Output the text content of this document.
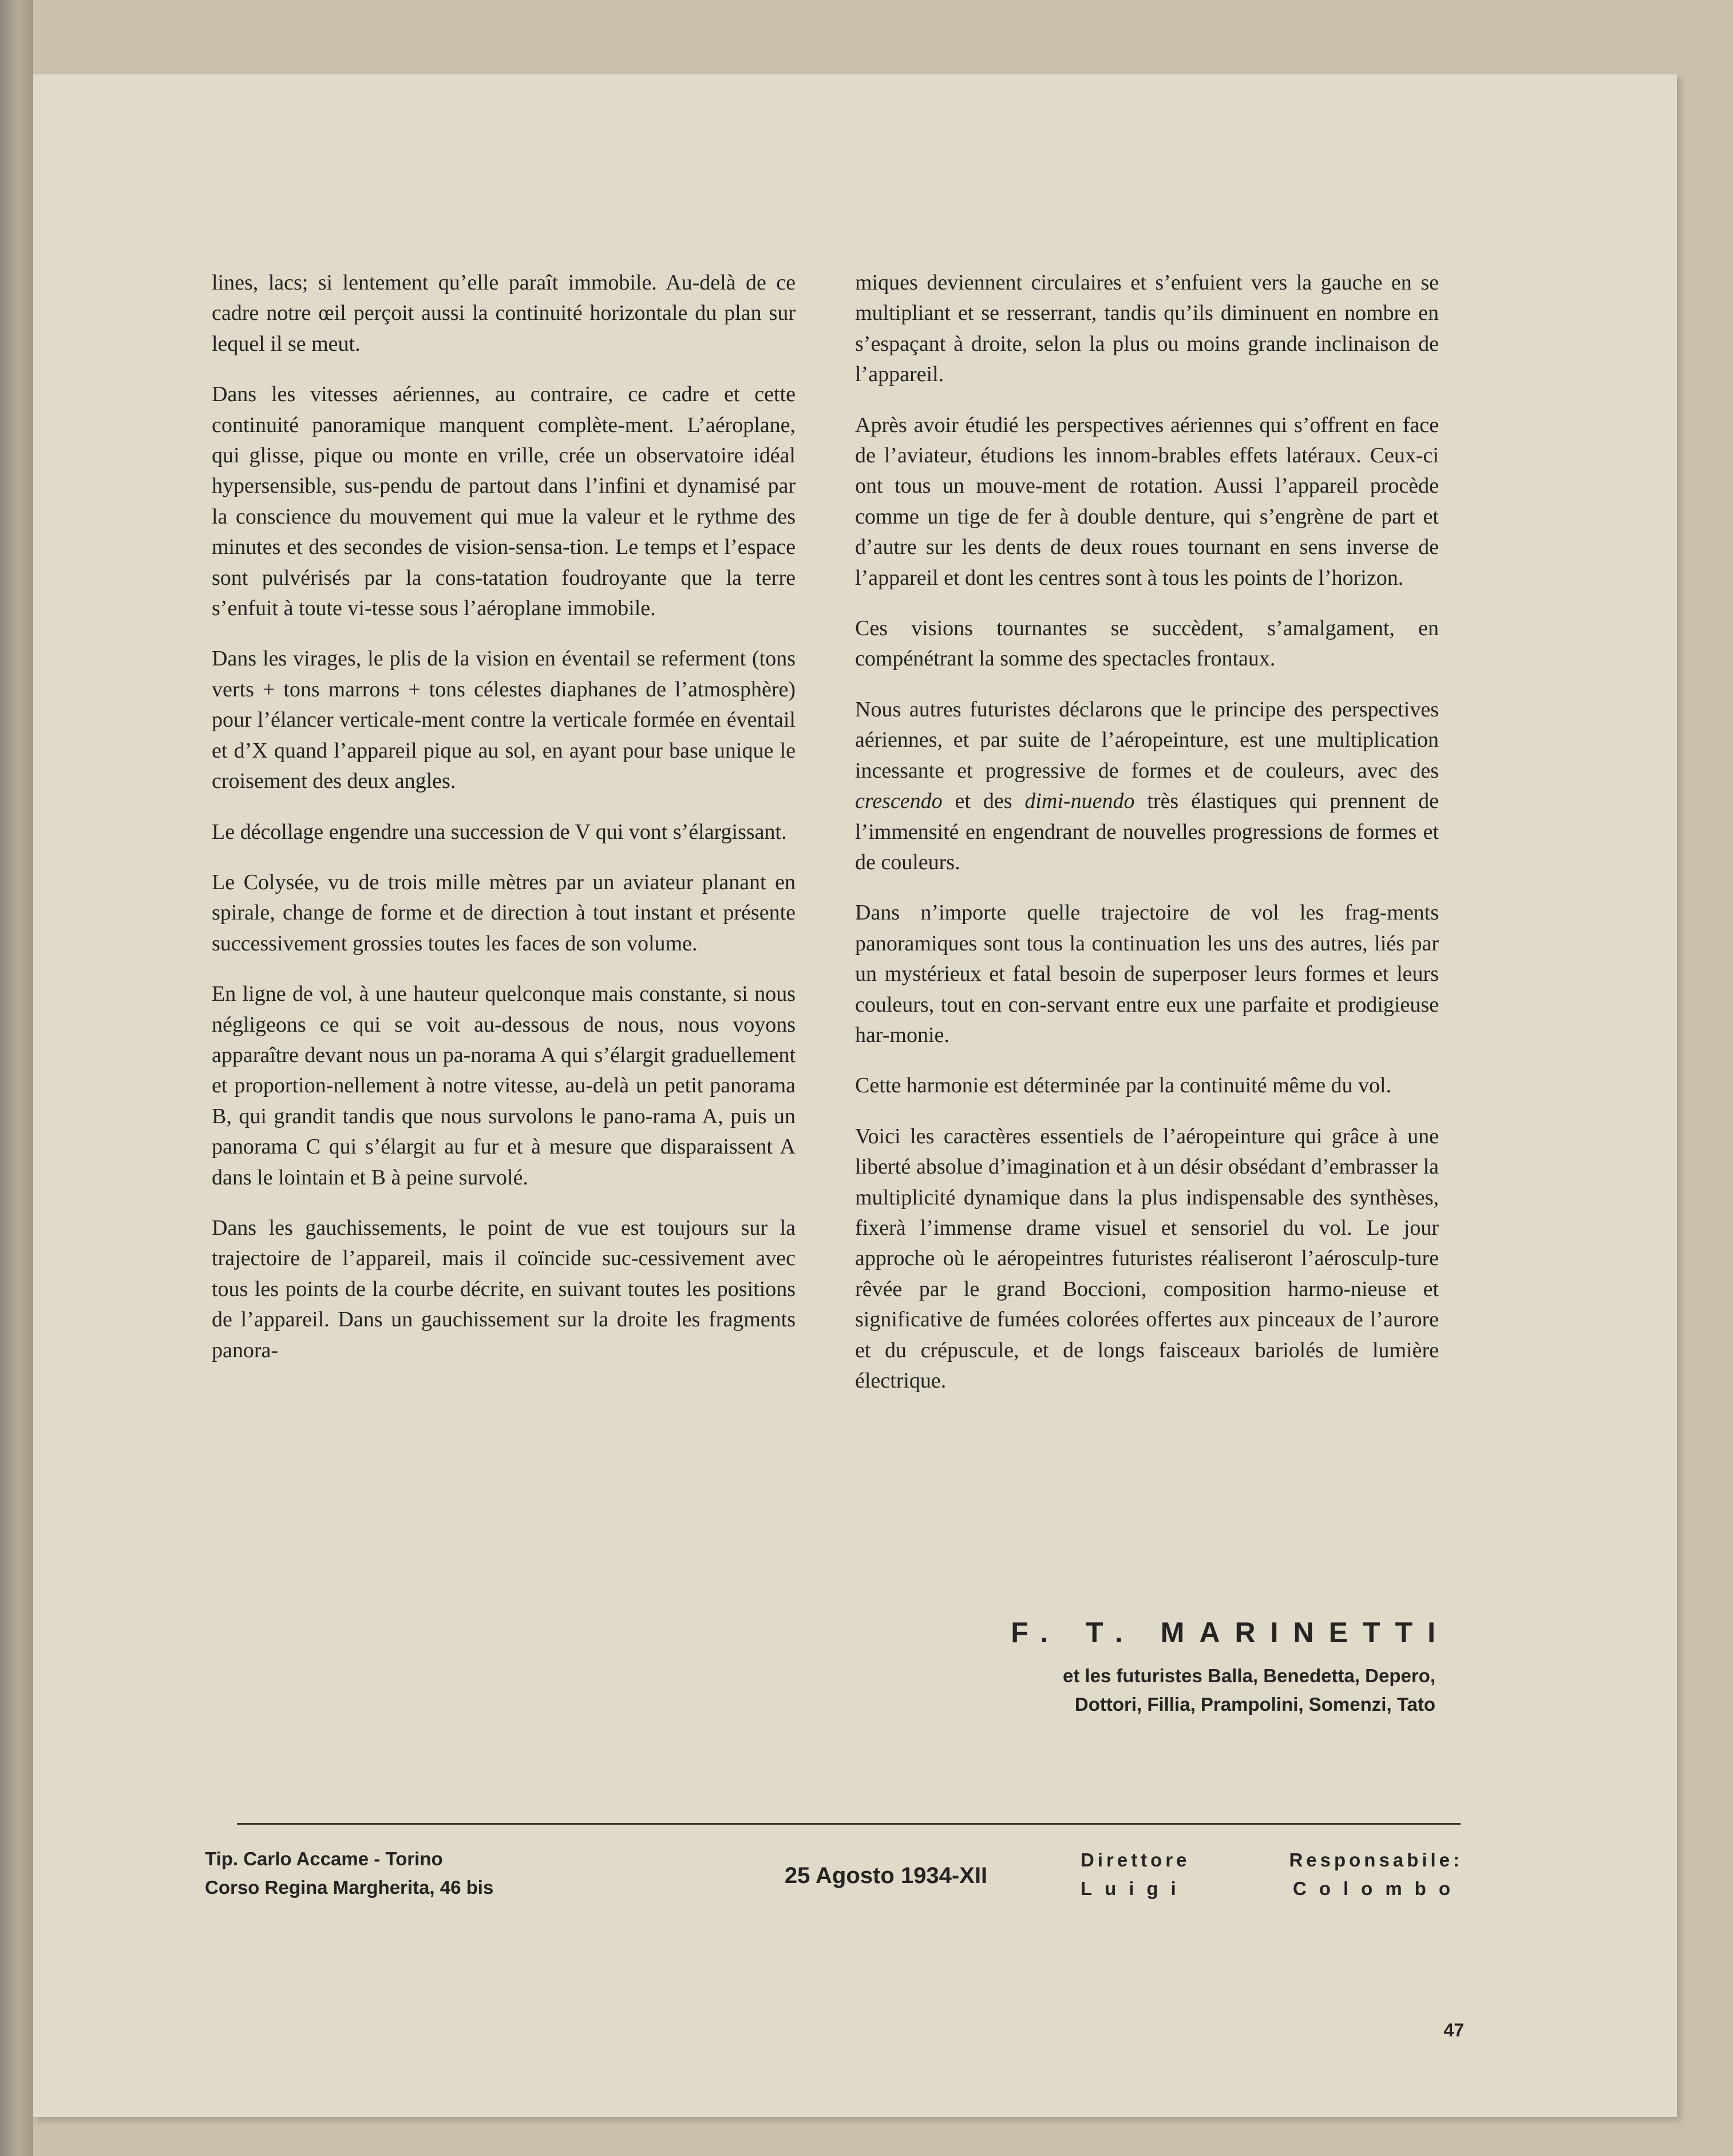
lines, lacs; si lentement qu’elle paraît immobile. Au-delà de ce cadre notre œil perçoit aussi la continuité horizontale du plan sur lequel il se meut.

Dans les vitesses aériennes, au contraire, ce cadre et cette continuité panoramique manquent complète-ment. L’aéroplane, qui glisse, pique ou monte en vrille, crée un observatoire idéal hypersensible, sus-pendu de partout dans l’infini et dynamisé par la conscience du mouvement qui mue la valeur et le rythme des minutes et des secondes de vision-sensa-tion. Le temps et l’espace sont pulvérisés par la cons-tatation foudroyante que la terre s’enfuit à toute vi-tesse sous l’aéroplane immobile.

Dans les virages, le plis de la vision en éventail se referment (tons verts + tons marrons + tons célestes diaphanes de l’atmosphère) pour l’élancer verticale-ment contre la verticale formée en éventail et d’X quand l’appareil pique au sol, en ayant pour base unique le croisement des deux angles.

Le décollage engendre una succession de V qui vont s’élargissant.

Le Colysée, vu de trois mille mètres par un aviateur planant en spirale, change de forme et de direction à tout instant et présente successivement grossies toutes les faces de son volume.

En ligne de vol, à une hauteur quelconque mais constante, si nous négligeons ce qui se voit au-dessous de nous, nous voyons apparaître devant nous un pa-norama A qui s’élargit graduellement et proportion-nellement à notre vitesse, au-delà un petit panorama B, qui grandit tandis que nous survolons le pano-rama A, puis un panorama C qui s’élargit au fur et à mesure que disparaissent A dans le lointain et B à peine survolé.

Dans les gauchissements, le point de vue est toujours sur la trajectoire de l’appareil, mais il coïncide suc-cessivement avec tous les points de la courbe décrite, en suivant toutes les positions de l’appareil. Dans un gauchissement sur la droite les fragments panora-

miques deviennent circulaires et s’enfuient vers la gauche en se multipliant et se resserrant, tandis qu’ils diminuent en nombre en s’espaçant à droite, selon la plus ou moins grande inclinaison de l’appareil.

Après avoir étudié les perspectives aériennes qui s’offrent en face de l’aviateur, étudions les innom-brables effets latéraux. Ceux-ci ont tous un mouve-ment de rotation. Aussi l’appareil procède comme un tige de fer à double denture, qui s’engrène de part et d’autre sur les dents de deux roues tournant en sens inverse de l’appareil et dont les centres sont à tous les points de l’horizon.

Ces visions tournantes se succèdent, s’amalgament, en compénétrant la somme des spectacles frontaux.

Nous autres futuristes déclarons que le principe des perspectives aériennes, et par suite de l’aéropeinture, est une multiplication incessante et progressive de formes et de couleurs, avec des crescendo et des dimi-nuendo très élastiques qui prennent de l’immensité en engendrant de nouvelles progressions de formes et de couleurs.

Dans n’importe quelle trajectoire de vol les frag-ments panoramiques sont tous la continuation les uns des autres, liés par un mystérieux et fatal besoin de superposer leurs formes et leurs couleurs, tout en con-servant entre eux une parfaite et prodigieuse har-monie.

Cette harmonie est déterminée par la continuité même du vol.

Voici les caractères essentiels de l’aéropeinture qui grâce à une liberté absolue d’imagination et à un désir obsédant d’embrasser la multiplicité dynamique dans la plus indispensable des synthèses, fixerà l’immense drame visuel et sensoriel du vol. Le jour approche où le aéropeintres futuristes réaliseront l’aérosculp-ture rêvée par le grand Boccioni, composition harmo-nieuse et significative de fumées colorées offertes aux pinceaux de l’aurore et du crépuscule, et de longs faisceaux bariolés de lumière électrique.

F. T. MARINETTI
et les futuristes Balla, Benedetta, Depero,
Dottori, Fillia, Prampolini, Somenzi, Tato
Tip. Carlo Accame - Torino
Corso Regina Margherita, 46 bis	25 Agosto 1934-XII
Direttore	Responsabile:
Luigi	Colombo
47
